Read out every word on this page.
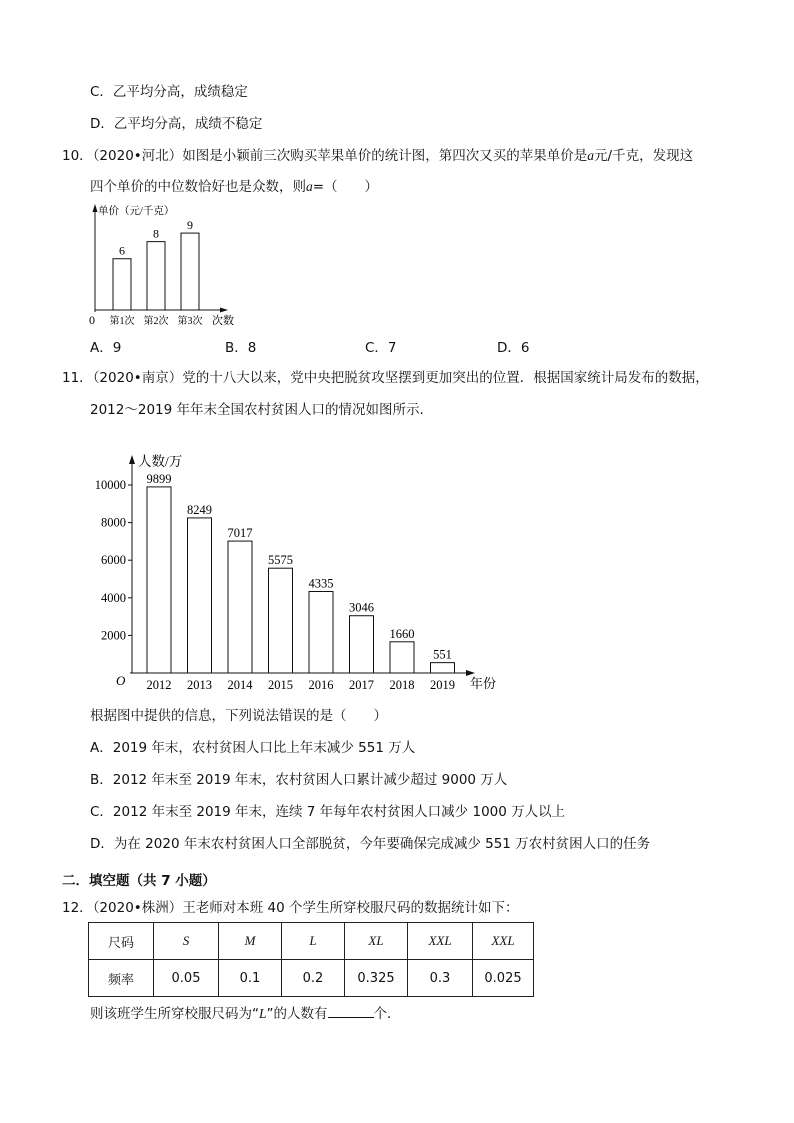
C．乙平均分高，成绩稳定
D．乙平均分高，成绩不稳定
10．（2020•河北）如图是小颖前三次购买苹果单价的统计图，第四次又买的苹果单价是a元/千克，发现这
四个单价的中位数恰好也是众数，则a=（　　）
单价（元/千克）
次数
0
6
第1次
8
第2次
9
第3次
人数/万
年份
O
2000
4000
6000
8000
10000 9899
2012
8249
2013
7017
2014
5575
2015
4335
2016
3046
2017
1660
2018
551
2019
A．9	B．8	C．7	D．6
11．（2020•南京）党的十八大以来，党中央把脱贫攻坚摆到更加突出的位置．根据国家统计局发布的数据，
2012～2019 年年末全国农村贫困人口的情况如图所示．
根据图中提供的信息，下列说法错误的是（　　）
A．2019 年末，农村贫困人口比上年末减少 551 万人
B．2012 年末至 2019 年末，农村贫困人口累计减少超过 9000 万人
C．2012 年末至 2019 年末，连续 7 年每年农村贫困人口减少 1000 万人以上
D．为在 2020 年末农村贫困人口全部脱贫，今年要确保完成减少 551 万农村贫困人口的任务
二．填空题（共 7 小题）
12．（2020•株洲）王老师对本班 40 个学生所穿校服尺码的数据统计如下：
尺码	S	M	L	XL	XXL	XXL
频率	0.05	0.1	0.2	0.325	0.3	0.025
则该班学生所穿校服尺码为“L”的人数有	个．
